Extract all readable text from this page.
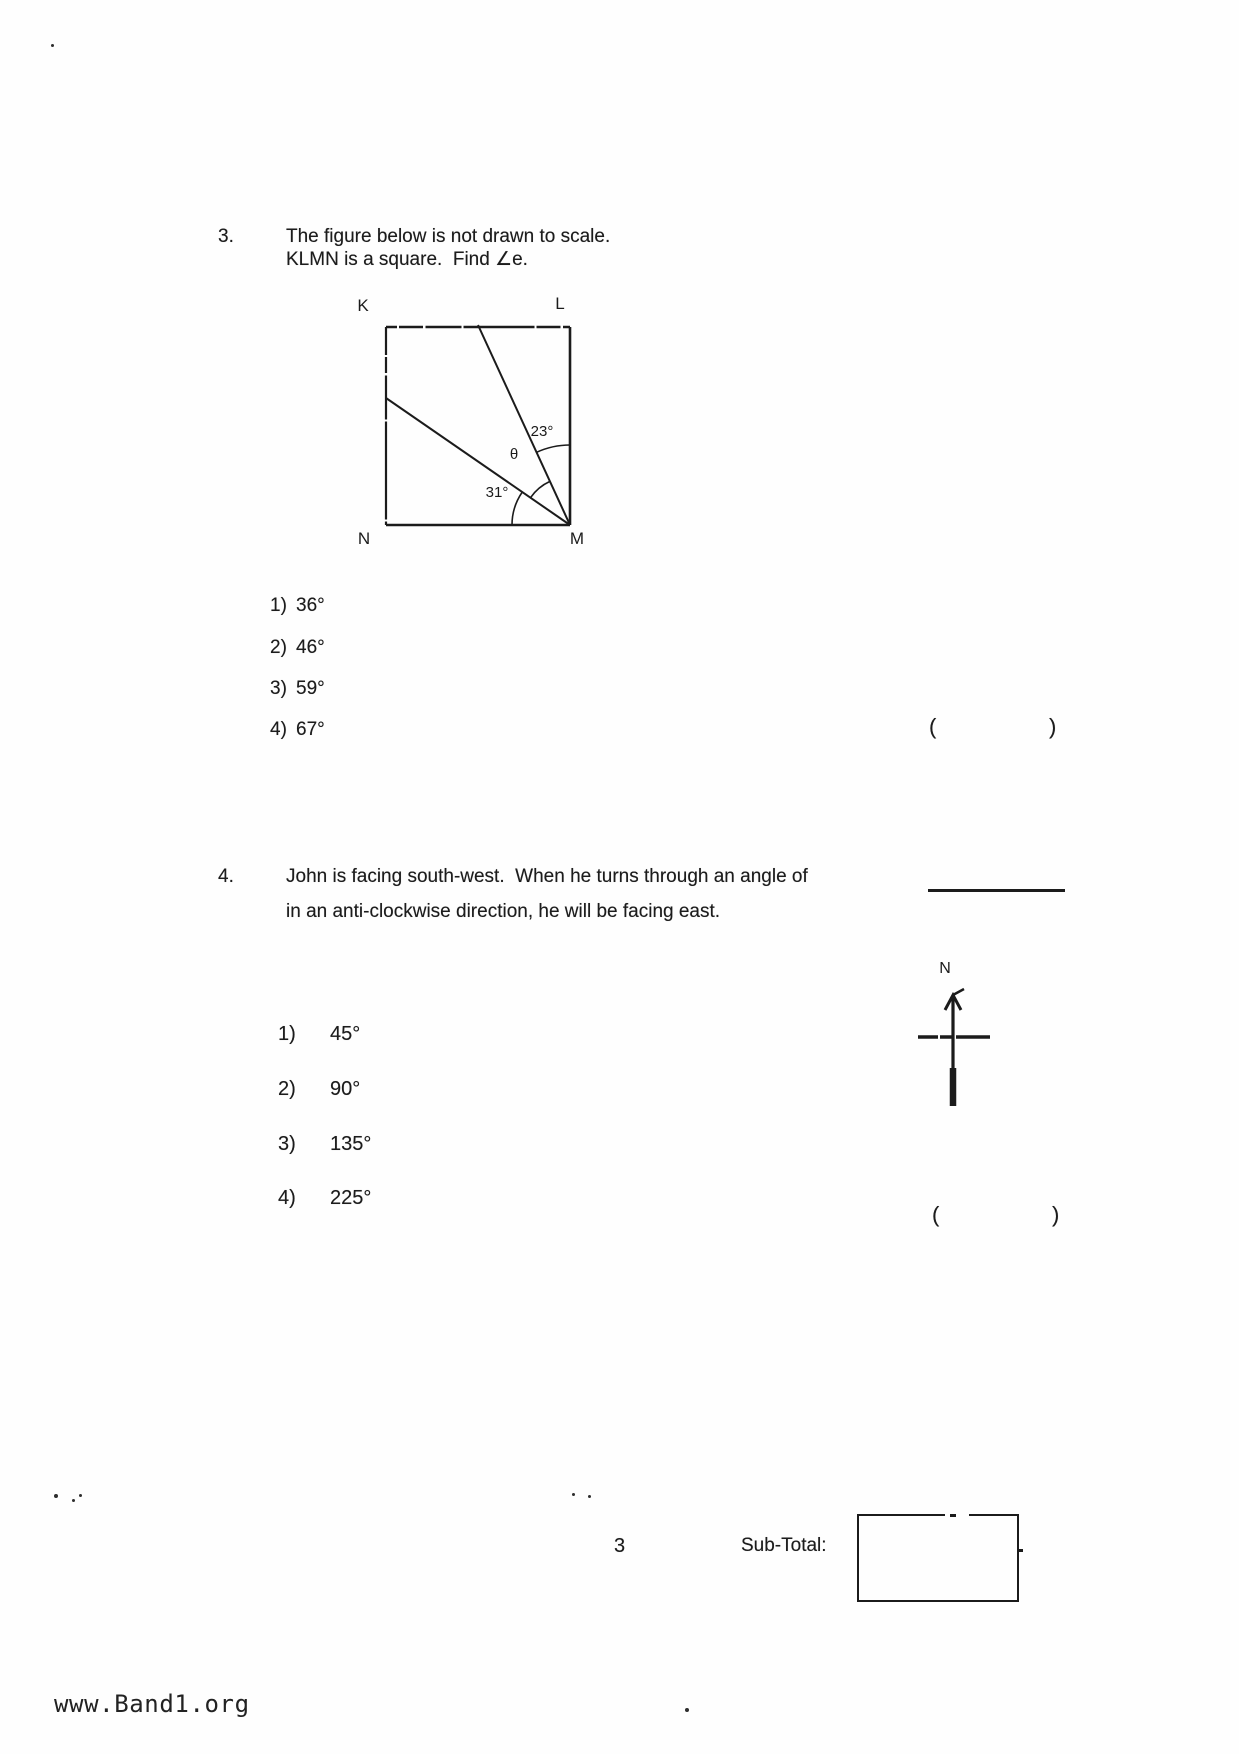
3.	The figure below is not drawn to scale.
KLMN is a square.  Find ∠e.
K	L
N	M
23°
θ
31°
1) 36°
2) 46°
3) 59°
4) 67°	(	)
4.	John is facing south-west.  When he turns through an angle of
in an anti-clockwise direction, he will be facing east.
N
1) 45°
2) 90°
3) 135°
4) 225°
(	)
3	Sub-Total:
www.Band1.org
